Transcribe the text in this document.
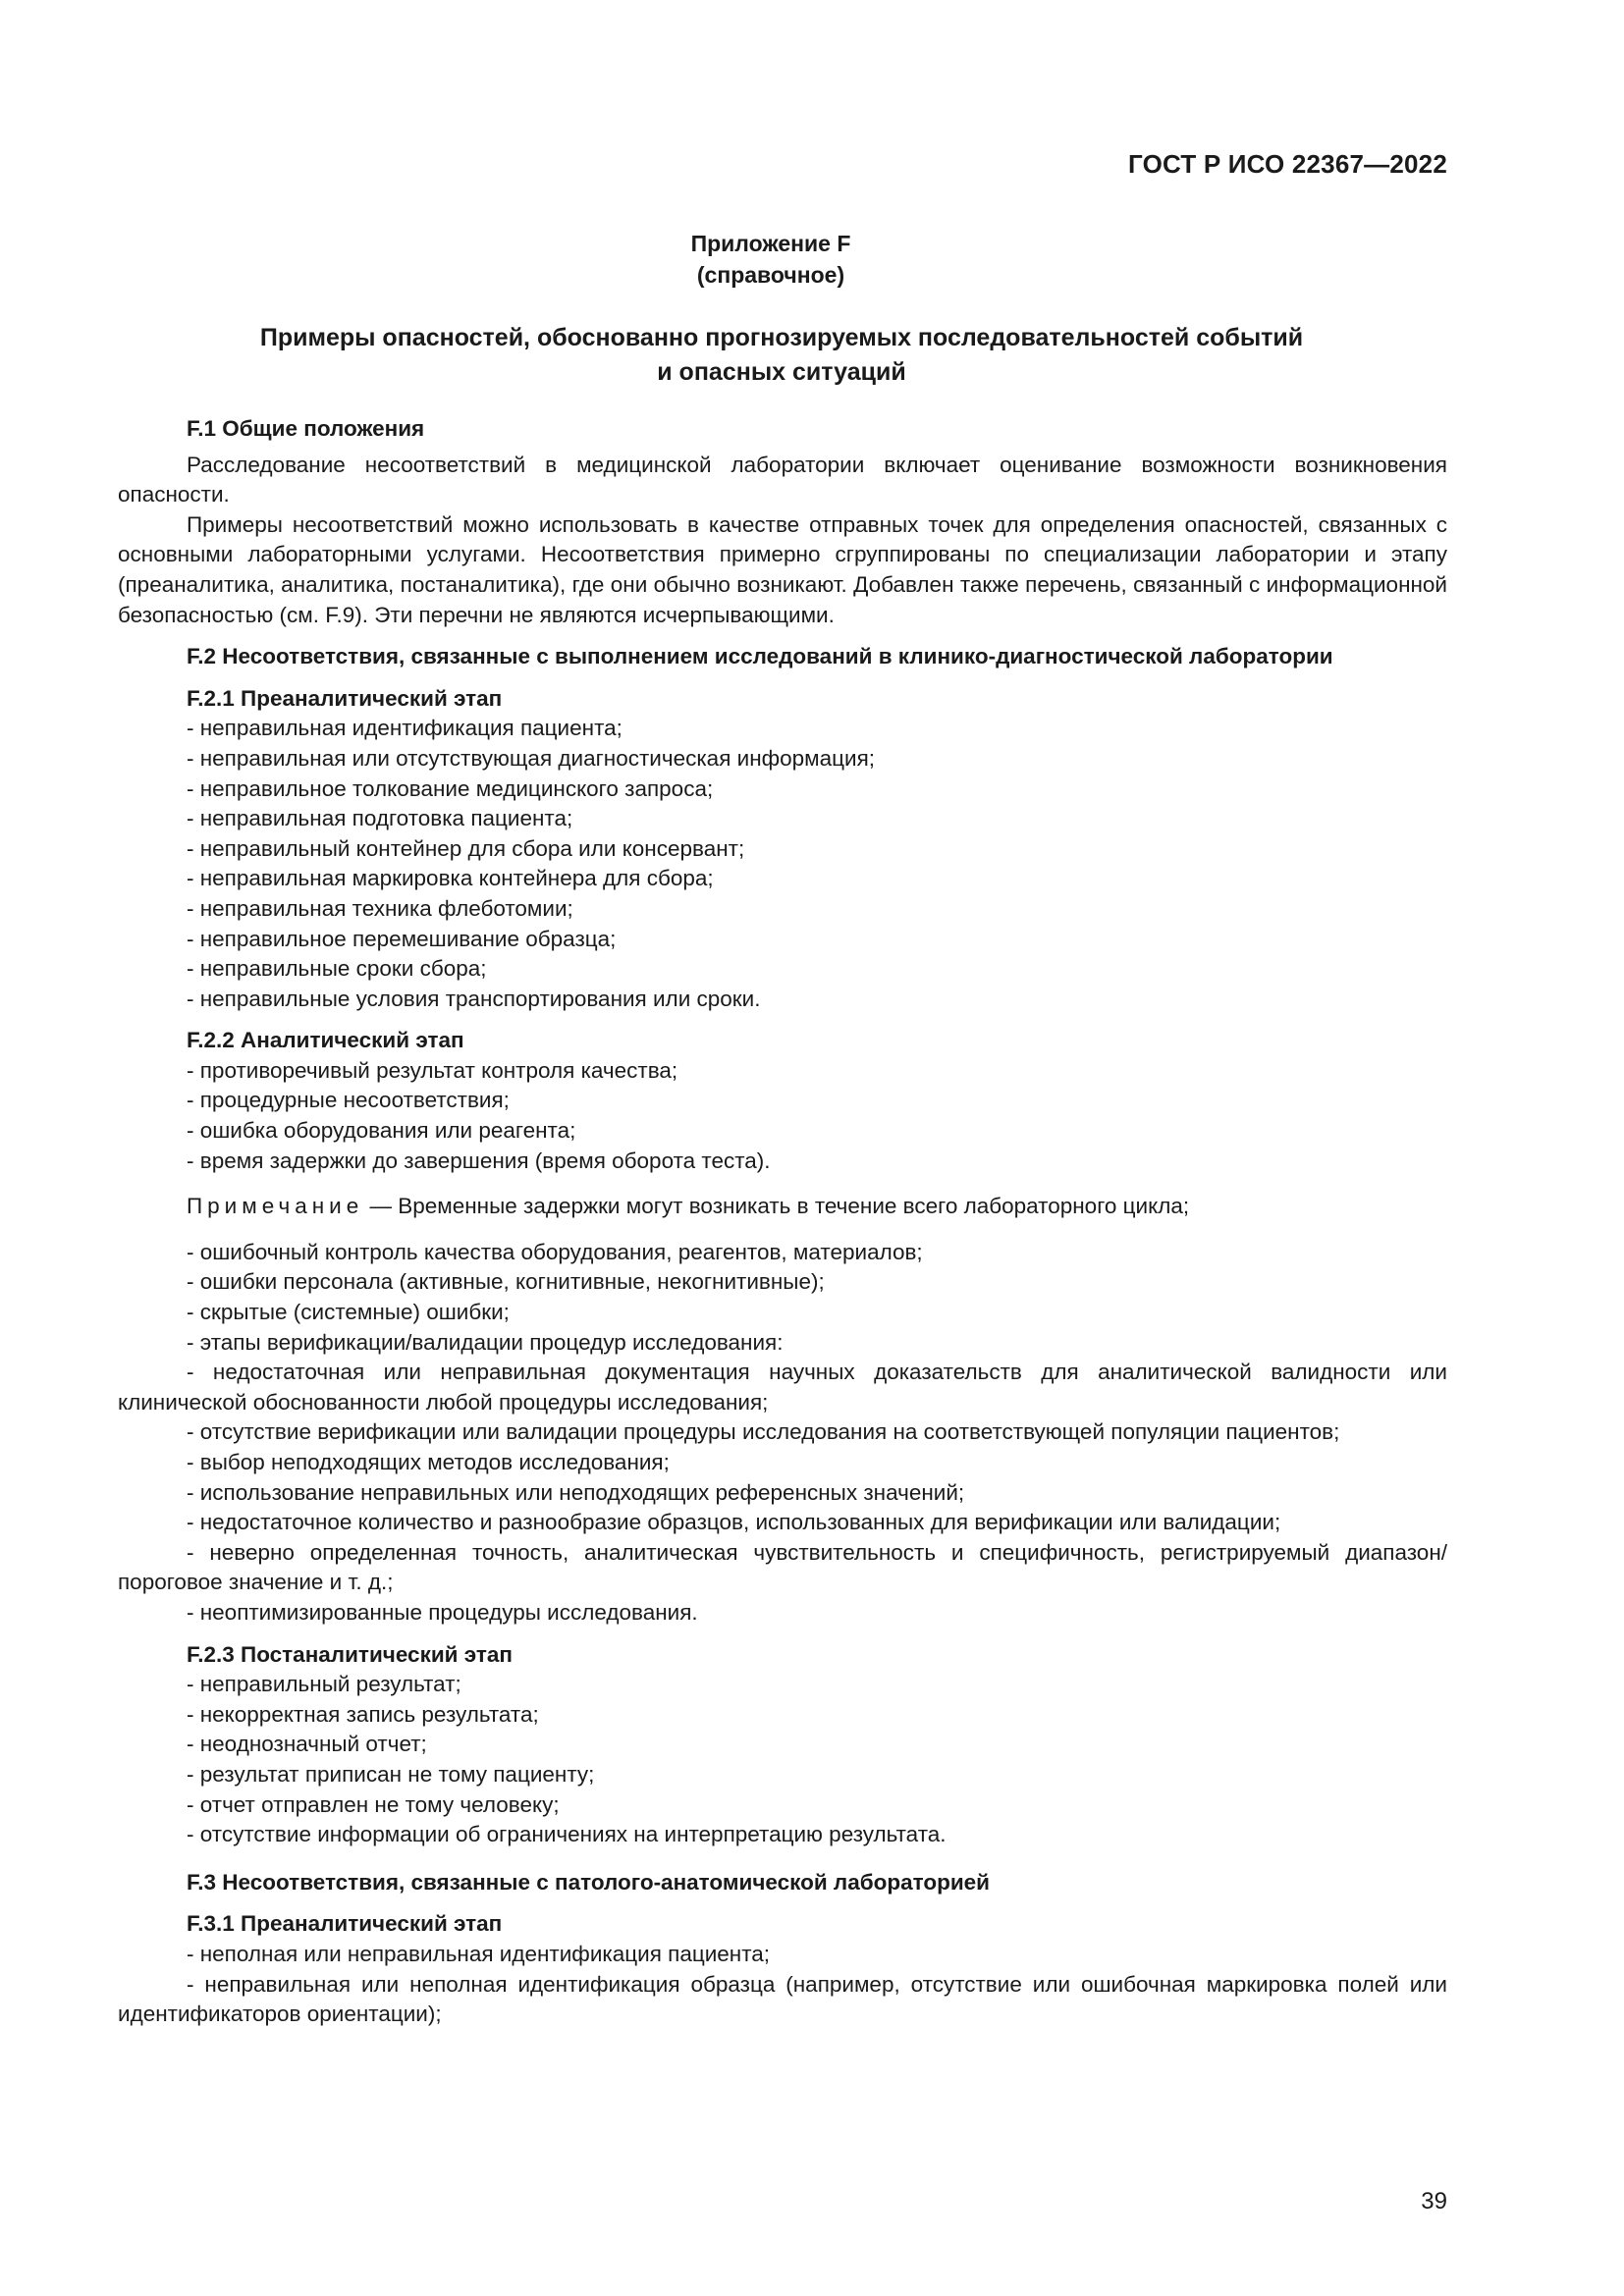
ГОСТ Р ИСО 22367—2022
Приложение F
(справочное)
Примеры опасностей, обоснованно прогнозируемых последовательностей событий
и опасных ситуаций

F.1 Общие положения

Расследование несоответствий в медицинской лаборатории включает оценивание возможности возникновения опасности.

Примеры несоответствий можно использовать в качестве отправных точек для определения опасностей, связанных с основными лабораторными услугами. Несоответствия примерно сгруппированы по специализации лаборатории и этапу (преаналитика, аналитика, постаналитика), где они обычно возникают. Добавлен также перечень, связанный с информационной безопасностью (см. F.9). Эти перечни не являются исчерпывающими.

F.2 Несоответствия, связанные с выполнением исследований в клинико-диагностической лаборатории

F.2.1 Преаналитический этап

- неправильная идентификация пациента;

- неправильная или отсутствующая диагностическая информация;

- неправильное толкование медицинского запроса;

- неправильная подготовка пациента;

- неправильный контейнер для сбора или консервант;

- неправильная маркировка контейнера для сбора;

- неправильная техника флеботомии;

- неправильное перемешивание образца;

- неправильные сроки сбора;

- неправильные условия транспортирования или сроки.

F.2.2 Аналитический этап

- противоречивый результат контроля качества;

- процедурные несоответствия;

- ошибка оборудования или реагента;

- время задержки до завершения (время оборота теста).

Примечание — Временные задержки могут возникать в течение всего лабораторного цикла;

- ошибочный контроль качества оборудования, реагентов, материалов;

- ошибки персонала (активные, когнитивные, некогнитивные);

- скрытые (системные) ошибки;

- этапы верификации/валидации процедур исследования:

- недостаточная или неправильная документация научных доказательств для аналитической валидности или клинической обоснованности любой процедуры исследования;

- отсутствие верификации или валидации процедуры исследования на соответствующей популяции пациентов;

- выбор неподходящих методов исследования;

- использование неправильных или неподходящих референсных значений;

- недостаточное количество и разнообразие образцов, использованных для верификации или валидации;

- неверно определенная точность, аналитическая чувствительность и специфичность, регистрируемый диапазон/пороговое значение и т. д.;

- неоптимизированные процедуры исследования.

F.2.3 Постаналитический этап

- неправильный результат;

- некорректная запись результата;

- неоднозначный отчет;

- результат приписан не тому пациенту;

- отчет отправлен не тому человеку;

- отсутствие информации об ограничениях на интерпретацию результата.

F.3 Несоответствия, связанные с патолого-анатомической лабораторией

F.3.1 Преаналитический этап

- неполная или неправильная идентификация пациента;

- неправильная или неполная идентификация образца (например, отсутствие или ошибочная маркировка полей или идентификаторов ориентации);

39
